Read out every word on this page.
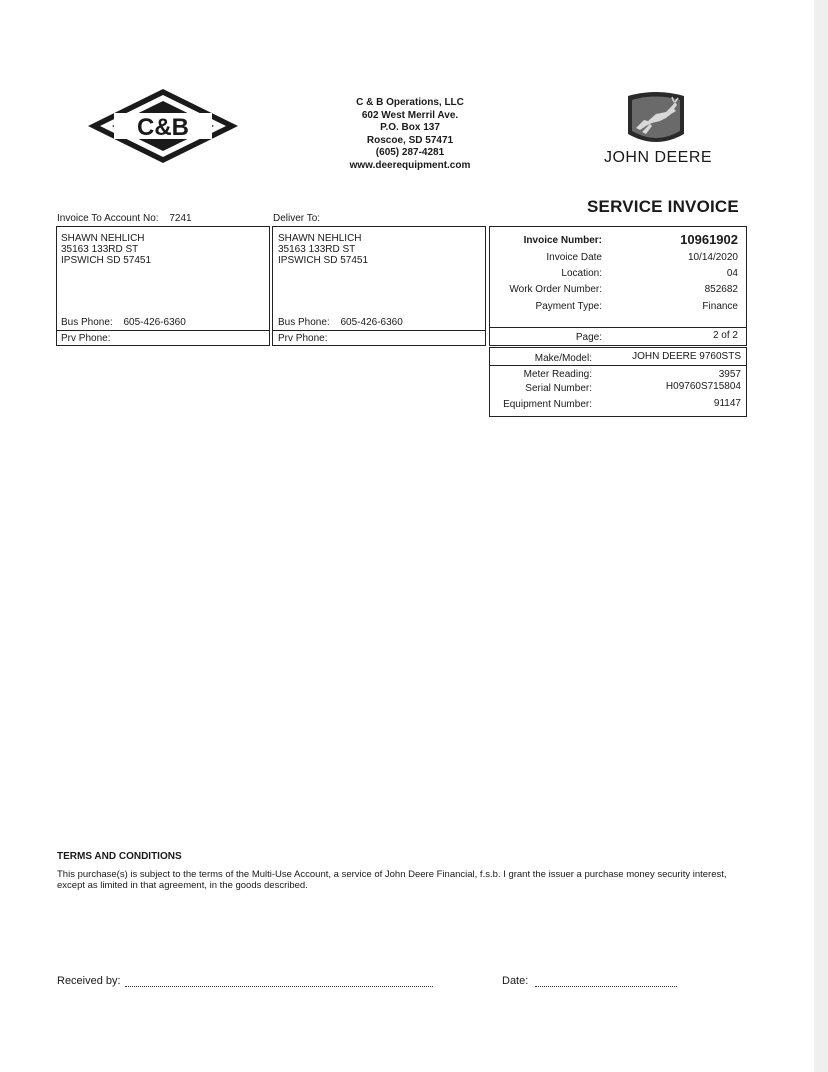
C&B
C & B Operations, LLC
602 West Merril Ave.
P.O. Box 137
Roscoe, SD 57471
(605) 287-4281
www.deerequipment.com	JOHN DEERE
SERVICE INVOICE
Invoice To Account No: 7241
SHAWN NEHLICH
35163 133RD ST
IPSWICH SD 57451
Bus Phone: 605-426-6360
Prv Phone:
Deliver To:
SHAWN NEHLICH
35163 133RD ST
IPSWICH SD 57451
Bus Phone: 605-426-6360
Prv Phone:
Invoice Number:	10961902
Invoice Date	10/14/2020
Location:	04
Work Order Number:	852682
Payment Type:	Finance
Page:	2 of 2
Make/Model:	JOHN DEERE 9760STS
Meter Reading:	3957
Serial Number:	H09760S715804
Equipment Number:	91147
TERMS AND CONDITIONS
This purchase(s) is subject to the terms of the Multi-Use Account, a service of John Deere Financial, f.s.b. I grant the issuer a purchase money security interest, except as limited in that agreement, in the goods described.
Received by:	Date:
